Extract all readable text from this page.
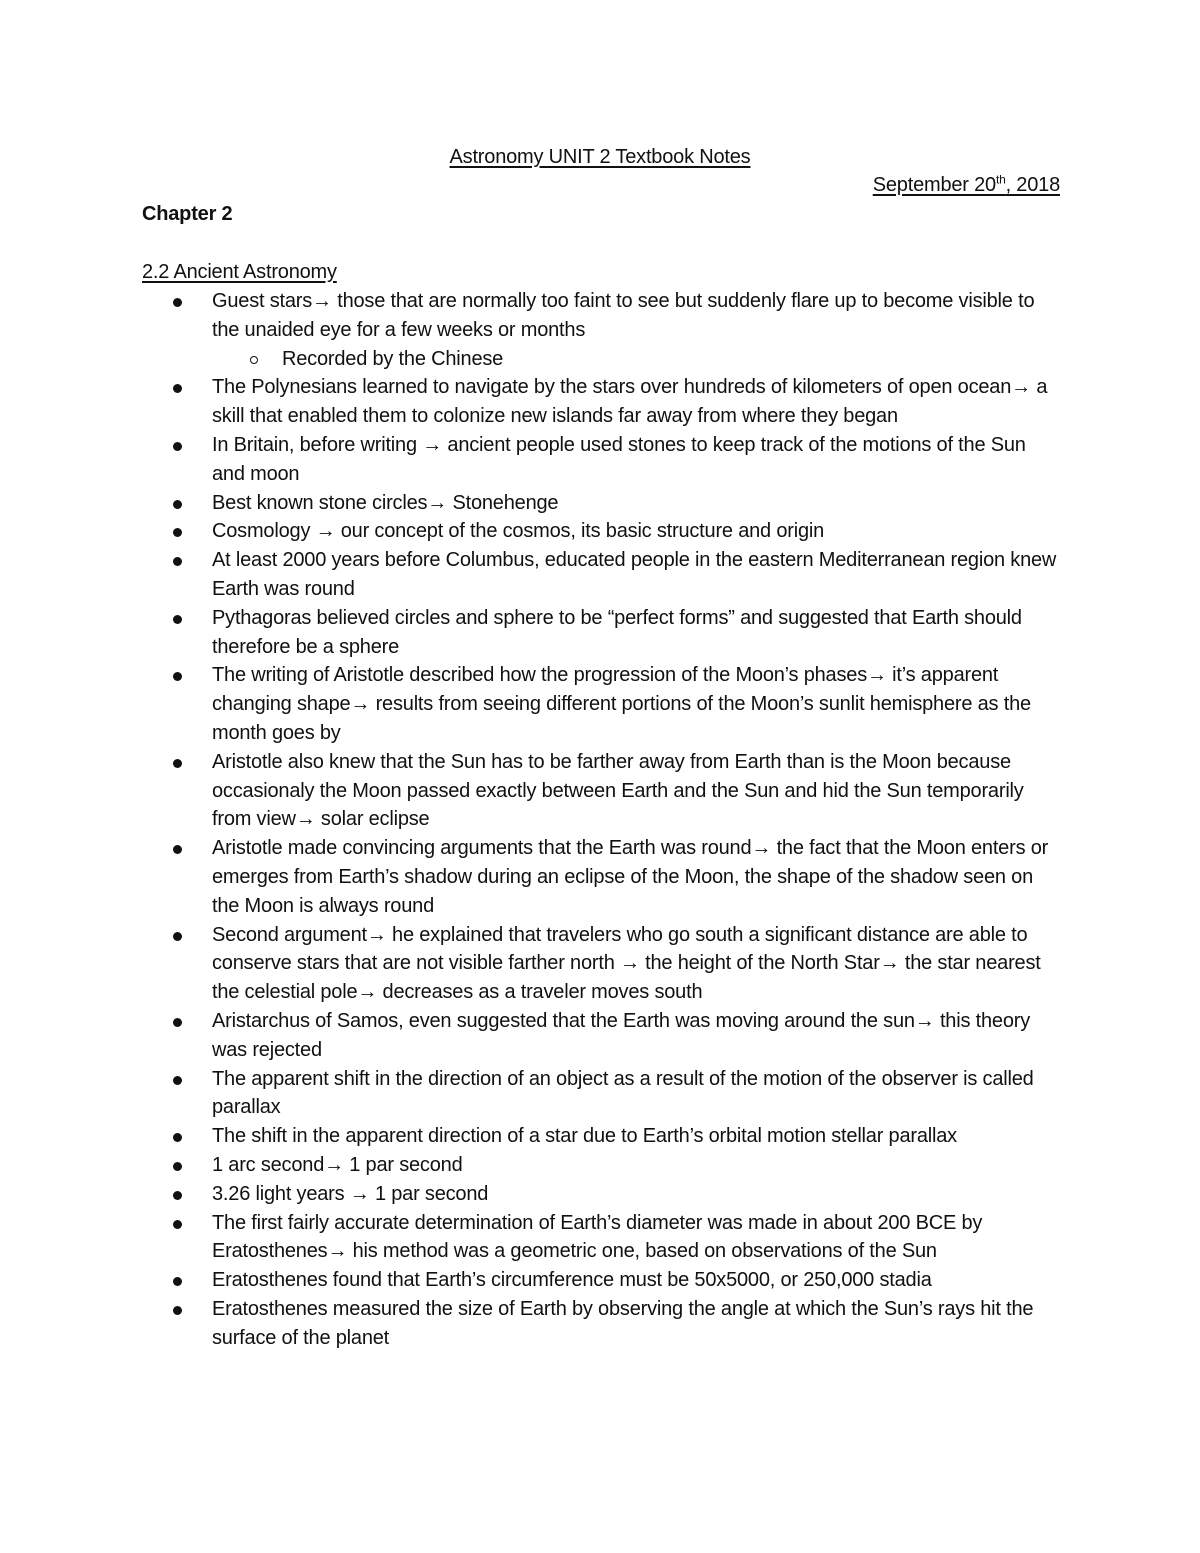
Astronomy UNIT 2 Textbook Notes
September 20th, 2018
Chapter 2
2.2 Ancient Astronomy
Guest stars→ those that are normally too faint to see but suddenly flare up to become visible to the unaided eye for a few weeks or months
Recorded by the Chinese
The Polynesians learned to navigate by the stars over hundreds of kilometers of open ocean→ a skill that enabled them to colonize new islands far away from where they began
In Britain, before writing → ancient people used stones to keep track of the motions of the Sun and moon
Best known stone circles→ Stonehenge
Cosmology → our concept of the cosmos, its basic structure and origin
At least 2000 years before Columbus, educated people in the eastern Mediterranean region knew Earth was round
Pythagoras believed circles and sphere to be “perfect forms” and suggested that Earth should therefore be a sphere
The writing of Aristotle described how the progression of the Moon’s phases→ it’s apparent changing shape→ results from seeing different portions of the Moon’s sunlit hemisphere as the month goes by
Aristotle also knew that the Sun has to be farther away from Earth than is the Moon because occasionaly the Moon passed exactly between Earth and the Sun and hid the Sun temporarily from view→ solar eclipse
Aristotle made convincing arguments that the Earth was round→ the fact that the Moon enters or emerges from Earth’s shadow during an eclipse of the Moon, the shape of the shadow seen on the Moon is always round
Second argument→ he explained that travelers who go south a significant distance are able to conserve stars that are not visible farther north → the height of the North Star→ the star nearest the celestial pole→ decreases as a traveler moves south
Aristarchus of Samos, even suggested that the Earth was moving around the sun→ this theory was rejected
The apparent shift in the direction of an object as a result of the motion of the observer is called parallax
The shift in the apparent direction of a star due to Earth’s orbital motion stellar parallax
1 arc second→ 1 par second
3.26 light years → 1 par second
The first fairly accurate determination of Earth’s diameter was made in about 200 BCE by Eratosthenes→ his method was a geometric one, based on observations of the Sun
Eratosthenes found that Earth’s circumference must be 50x5000, or 250,000 stadia
Eratosthenes measured the size of Earth by observing the angle at which the Sun’s rays hit the surface of the planet
